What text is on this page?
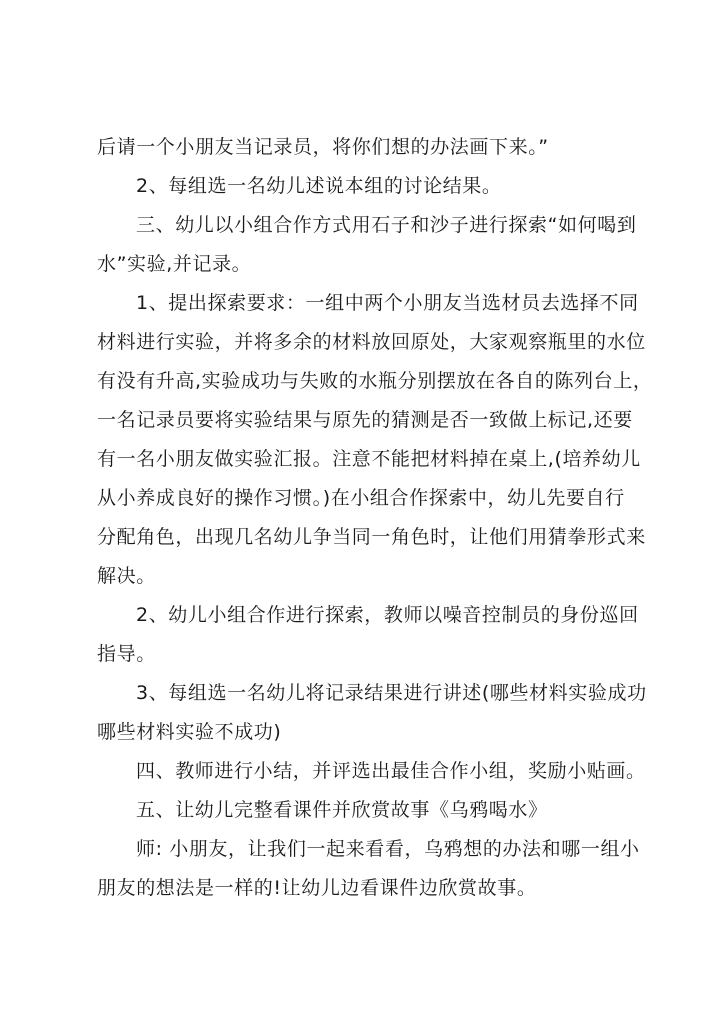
后请一个小朋友当记录员，将你们想的办法画下来。”
2、每组选一名幼儿述说本组的讨论结果。
三、幼儿以小组合作方式用石子和沙子进行探索“如何喝到
水”实验,并记录。
1、提出探索要求：一组中两个小朋友当选材员去选择不同
材料进行实验，并将多余的材料放回原处，大家观察瓶里的水位
有没有升高,实验成功与失败的水瓶分别摆放在各自的陈列台上，
一名记录员要将实验结果与原先的猜测是否一致做上标记,还要
有一名小朋友做实验汇报。注意不能把材料掉在桌上,(培养幼儿
从小养成良好的操作习惯。)在小组合作探索中，幼儿先要自行
分配角色，出现几名幼儿争当同一角色时，让他们用猜拳形式来
解决。
2、幼儿小组合作进行探索，教师以噪音控制员的身份巡回
指导。
3、每组选一名幼儿将记录结果进行讲述(哪些材料实验成功
哪些材料实验不成功)
四、教师进行小结，并评选出最佳合作小组，奖励小贴画。
五、让幼儿完整看课件并欣赏故事《乌鸦喝水》
师: 小朋友，让我们一起来看看，乌鸦想的办法和哪一组小
朋友的想法是一样的!让幼儿边看课件边欣赏故事。
